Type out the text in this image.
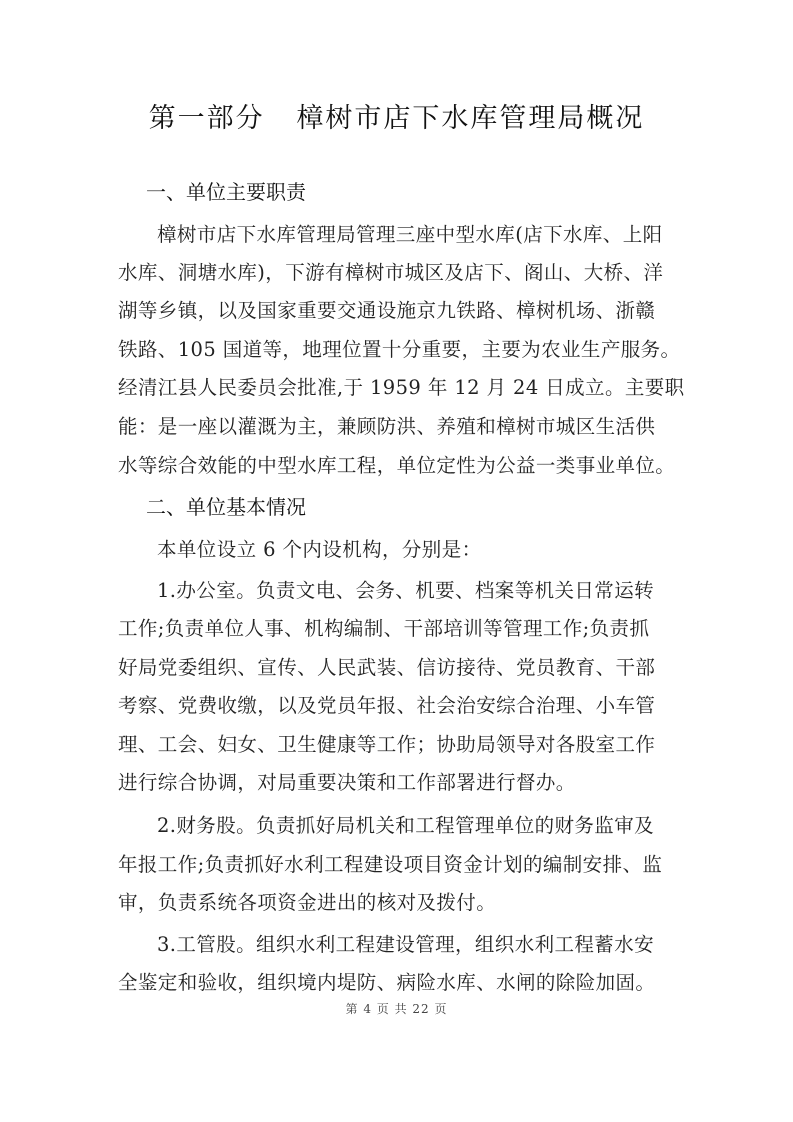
第一部分   樟树市店下水库管理局概况
一、单位主要职责
樟树市店下水库管理局管理三座中型水库(店下水库、上阳
水库、洞塘水库)，下游有樟树市城区及店下、阁山、大桥、洋
湖等乡镇，以及国家重要交通设施京九铁路、樟树机场、浙赣
铁路、105 国道等，地理位置十分重要，主要为农业生产服务。
经清江县人民委员会批准,于 1959 年 12 月 24 日成立。主要职
能：是一座以灌溉为主，兼顾防洪、养殖和樟树市城区生活供
水等综合效能的中型水库工程，单位定性为公益一类事业单位。
二、单位基本情况
本单位设立 6 个内设机构，分别是：
1.办公室。负责文电、会务、机要、档案等机关日常运转
工作;负责单位人事、机构编制、干部培训等管理工作;负责抓
好局党委组织、宣传、人民武装、信访接待、党员教育、干部
考察、党费收缴，以及党员年报、社会治安综合治理、小车管
理、工会、妇女、卫生健康等工作；协助局领导对各股室工作
进行综合协调，对局重要决策和工作部署进行督办。
2.财务股。负责抓好局机关和工程管理单位的财务监审及
年报工作;负责抓好水利工程建设项目资金计划的编制安排、监
审，负责系统各项资金进出的核对及拨付。
3.工管股。组织水利工程建设管理，组织水利工程蓄水安
全鉴定和验收，组织境内堤防、病险水库、水闸的除险加固。
第 4 页 共 22 页
